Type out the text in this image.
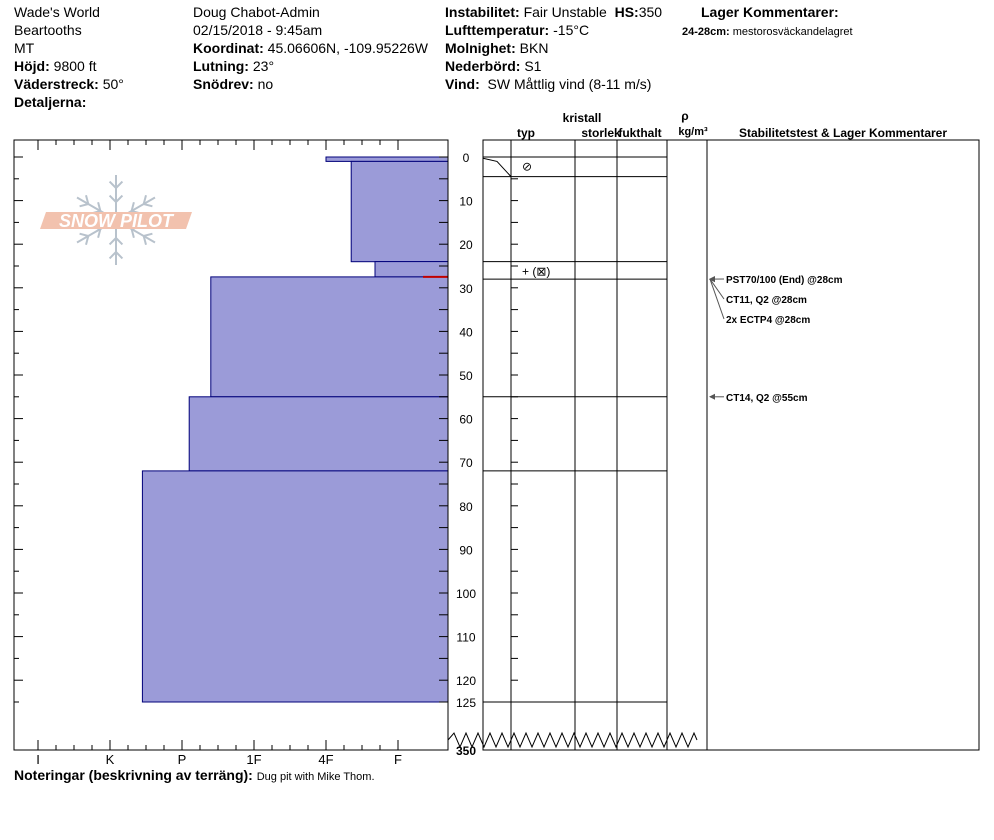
Wade's World
Beartooths
MT
Höjd: 9800 ft
Väderstreck: 50°
Detaljerna:
Doug Chabot-Admin
02/15/2018 - 9:45am
Koordinat: 45.06606N, -109.95226W
Lutning: 23°
Snödrev: no
Instabilitet: Fair Unstable HS:350
Lufttemperatur: -15°C
Molnighet: BKN
Nederbörd: S1
Vind: SW Måttlig vind (8-11 m/s)
Lager Kommentarer:
24-28cm: mestorosväckandelagret
SNOW PILOT
I	K	P	1F	4F	F
0
10
20
30
40
50
60
70
80
90
100
110
120
125
350
⊘
+ (⊠)
PST70/100 (End) @28cm
CT11, Q2 @28cm
2x ECTP4 @28cm
CT14, Q2 @55cm
kristall
typ	storlek
fukthalt
ρ
kg/m³	Stabilitetstest & Lager Kommentarer
Noteringar (beskrivning av terräng): Dug pit with Mike Thom.
